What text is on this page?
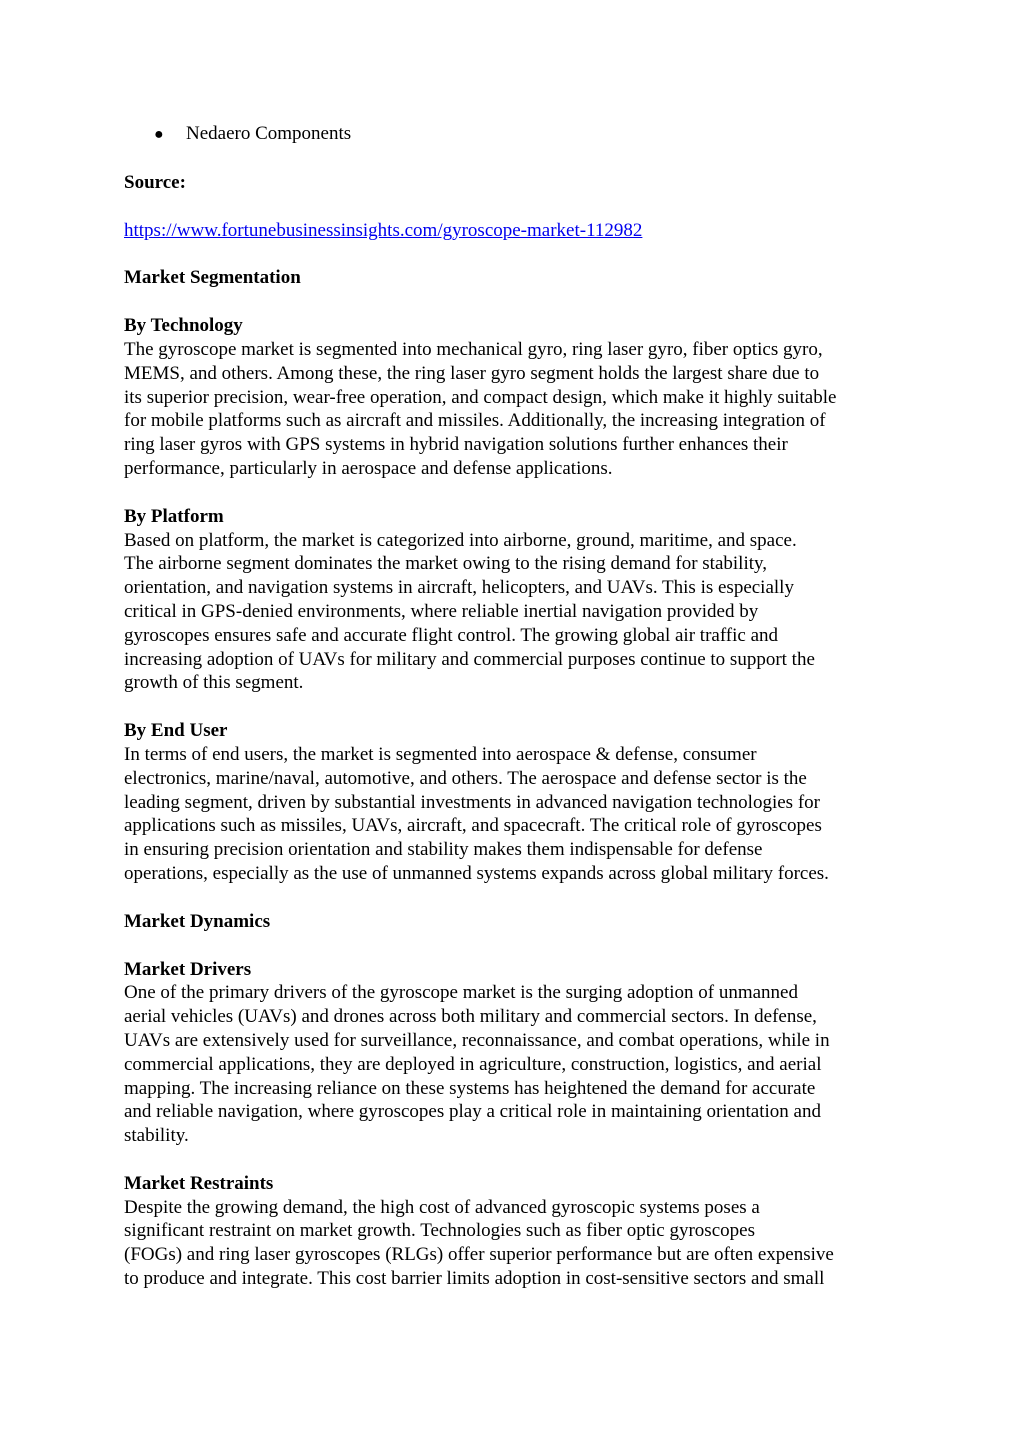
●	Nedaero Components
Source:
https://www.fortunebusinessinsights.com/gyroscope-market-112982
Market Segmentation
By Technology
The gyroscope market is segmented into mechanical gyro, ring laser gyro, fiber optics gyro,
MEMS, and others. Among these, the ring laser gyro segment holds the largest share due to
its superior precision, wear-free operation, and compact design, which make it highly suitable
for mobile platforms such as aircraft and missiles. Additionally, the increasing integration of
ring laser gyros with GPS systems in hybrid navigation solutions further enhances their
performance, particularly in aerospace and defense applications.
By Platform
Based on platform, the market is categorized into airborne, ground, maritime, and space.
The airborne segment dominates the market owing to the rising demand for stability,
orientation, and navigation systems in aircraft, helicopters, and UAVs. This is especially
critical in GPS-denied environments, where reliable inertial navigation provided by
gyroscopes ensures safe and accurate flight control. The growing global air traffic and
increasing adoption of UAVs for military and commercial purposes continue to support the
growth of this segment.
By End User
In terms of end users, the market is segmented into aerospace & defense, consumer
electronics, marine/naval, automotive, and others. The aerospace and defense sector is the
leading segment, driven by substantial investments in advanced navigation technologies for
applications such as missiles, UAVs, aircraft, and spacecraft. The critical role of gyroscopes
in ensuring precision orientation and stability makes them indispensable for defense
operations, especially as the use of unmanned systems expands across global military forces.
Market Dynamics
Market Drivers
One of the primary drivers of the gyroscope market is the surging adoption of unmanned
aerial vehicles (UAVs) and drones across both military and commercial sectors. In defense,
UAVs are extensively used for surveillance, reconnaissance, and combat operations, while in
commercial applications, they are deployed in agriculture, construction, logistics, and aerial
mapping. The increasing reliance on these systems has heightened the demand for accurate
and reliable navigation, where gyroscopes play a critical role in maintaining orientation and
stability.
Market Restraints
Despite the growing demand, the high cost of advanced gyroscopic systems poses a
significant restraint on market growth. Technologies such as fiber optic gyroscopes
(FOGs) and ring laser gyroscopes (RLGs) offer superior performance but are often expensive
to produce and integrate. This cost barrier limits adoption in cost-sensitive sectors and small
